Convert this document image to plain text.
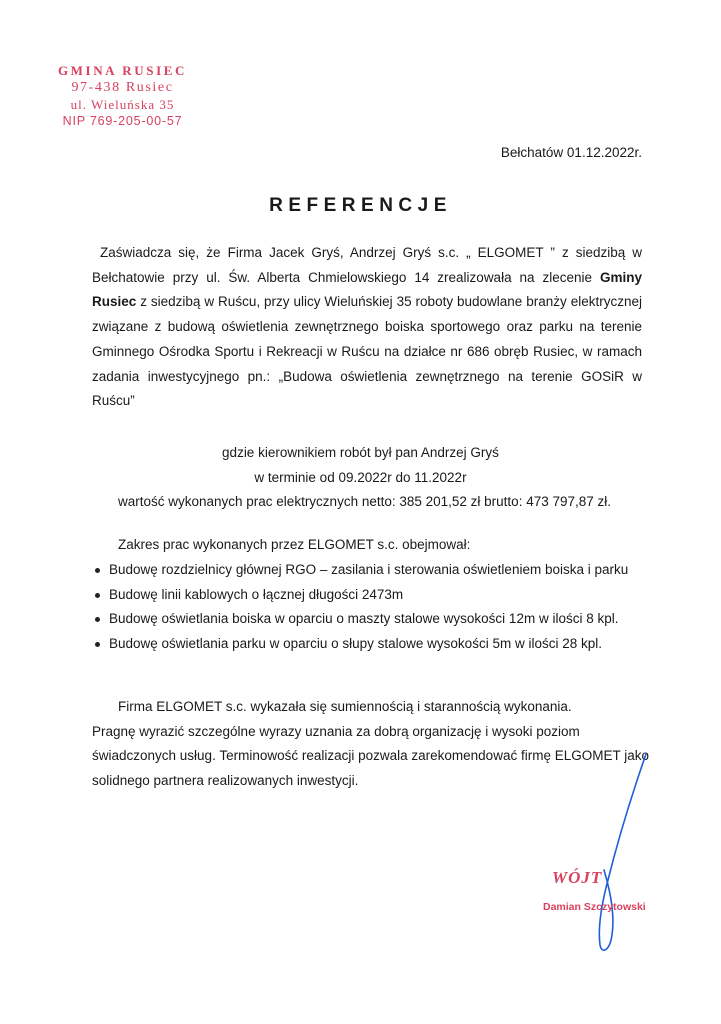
GMINA RUSIEC
97-438 Rusiec
ul. Wieluńska 35
NIP 769-205-00-57
Bełchatów 01.12.2022r.
REFERENCJE

Zaświadcza się, że Firma Jacek Gryś, Andrzej Gryś s.c. „ ELGOMET ” z siedzibą w Bełchatowie przy ul. Św. Alberta Chmielowskiego 14 zrealizowała na zlecenie Gminy Rusiec z siedzibą w Ruścu, przy ulicy Wieluńskiej 35 roboty budowlane branży elektrycznej związane z budową oświetlenia zewnętrznego boiska sportowego oraz parku na terenie Gminnego Ośrodka Sportu i Rekreacji w Ruścu na działce nr 686 obręb Rusiec, w ramach zadania inwestycyjnego pn.: „Budowa oświetlenia zewnętrznego na terenie GOSiR w Ruścu”

gdzie kierownikiem robót był pan Andrzej Gryś
w terminie od 09.2022r do 11.2022r
wartość wykonanych prac elektrycznych netto: 385 201,52 zł brutto: 473 797,87 zł.
Zakres prac wykonanych przez ELGOMET s.c. obejmował:
Budowę rozdzielnicy głównej RGO – zasilania i sterowania oświetleniem boiska i parku
Budowę linii kablowych o łącznej długości 2473m
Budowę oświetlania boiska w oparciu o maszty stalowe wysokości 12m w ilości 8 kpl.
Budowę oświetlania parku w oparciu o słupy stalowe wysokości 5m w ilości 28 kpl.
Firma ELGOMET s.c. wykazała się sumiennością i starannością wykonania.
Pragnę wyrazić szczególne wyrazy uznania za dobrą organizację i wysoki poziom świadczonych usług. Terminowość realizacji pozwala zarekomendować firmę ELGOMET jako solidnego partnera realizowanych inwestycji.
WÓJT
Damian Szczytowski
